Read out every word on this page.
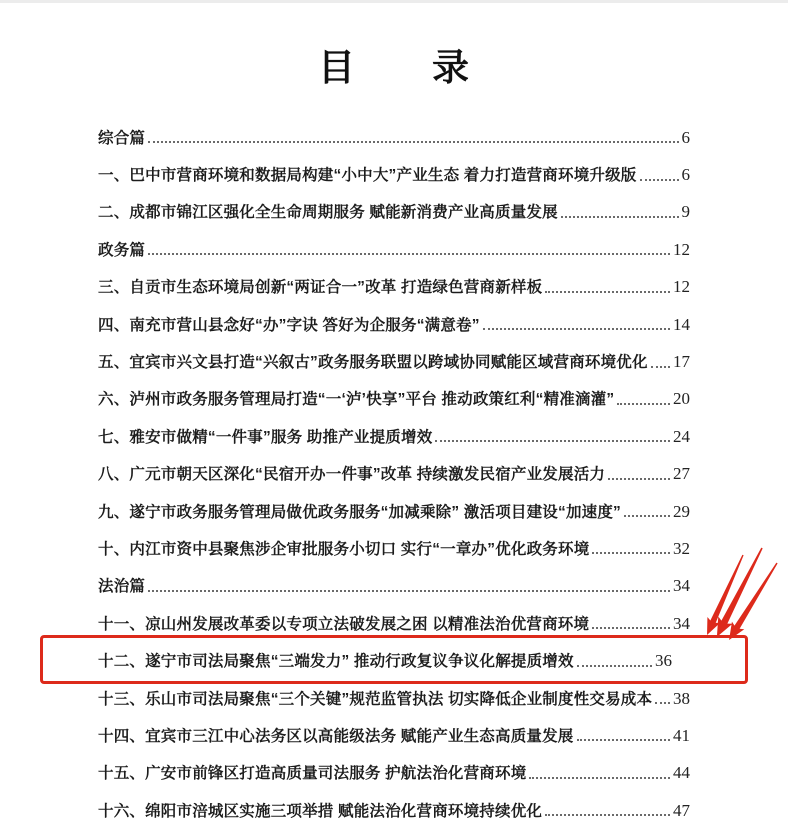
目　　录
综合篇	6
一、巴中市营商环境和数据局构建“小中大”产业生态 着力打造营商环境升级版	6
二、成都市锦江区强化全生命周期服务 赋能新消费产业高质量发展	9
政务篇	12
三、自贡市生态环境局创新“两证合一”改革 打造绿色营商新样板	12
四、南充市营山县念好“办”字诀 答好为企服务“满意卷”	14
五、宜宾市兴文县打造“兴叙古”政务服务联盟以跨域协同赋能区域营商环境优化 17
六、泸州市政务服务管理局打造“一‘泸’快享”平台 推动政策红利“精准滴灌”	20
七、雅安市做精“一件事”服务 助推产业提质增效	24
八、广元市朝天区深化“民宿开办一件事”改革 持续激发民宿产业发展活力	27
九、遂宁市政务服务管理局做优政务服务“加减乘除” 激活项目建设“加速度”	29
十、内江市资中县聚焦涉企审批服务小切口 实行“一章办”优化政务环境	32
法治篇	34
十一、凉山州发展改革委以专项立法破发展之困 以精准法治优营商环境	34
十二、遂宁市司法局聚焦“三端发力” 推动行政复议争议化解提质增效	36
十三、乐山市司法局聚焦“三个关键”规范监管执法 切实降低企业制度性交易成本 38
十四、宜宾市三江中心法务区以高能级法务 赋能产业生态高质量发展	41
十五、广安市前锋区打造高质量司法服务 护航法治化营商环境	44
十六、绵阳市涪城区实施三项举措 赋能法治化营商环境持续优化	47
